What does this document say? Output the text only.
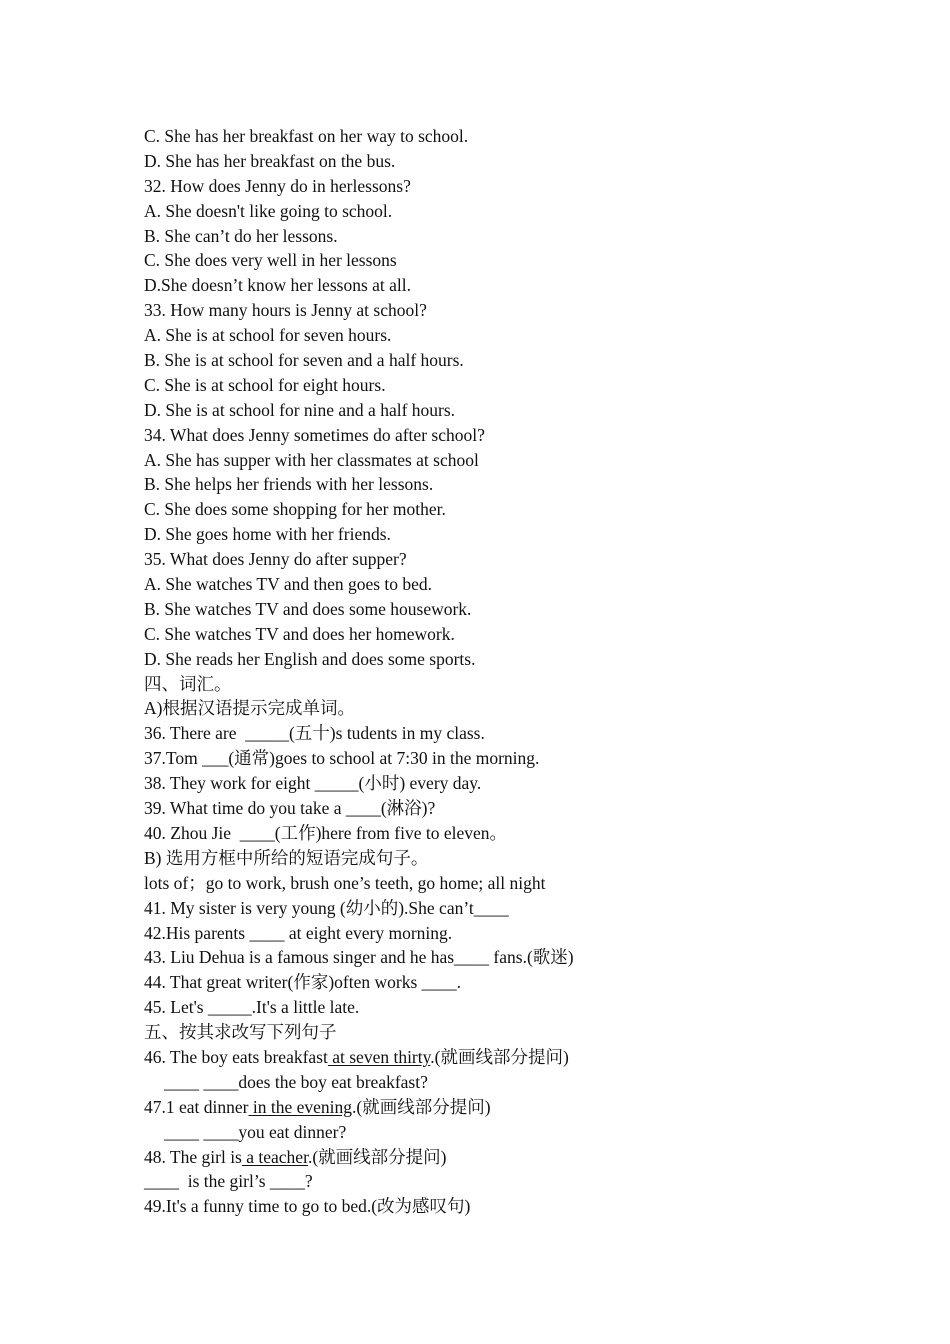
C. She has her breakfast on her way to school.
D. She has her breakfast on the bus.
32. How does Jenny do in herlessons?
A. She doesn't like going to school.
B. She can’t do her lessons.
C. She does very well in her lessons
D.She doesn’t know her lessons at all.
33. How many hours is Jenny at school?
A. She is at school for seven hours.
B. She is at school for seven and a half hours.
C. She is at school for eight hours.
D. She is at school for nine and a half hours.
34. What does Jenny sometimes do after school?
A. She has supper with her classmates at school
B. She helps her friends with her lessons.
C. She does some shopping for her mother.
D. She goes home with her friends.
35. What does Jenny do after supper?
A. She watches TV and then goes to bed.
B. She watches TV and does some housework.
C. She watches TV and does her homework.
D. She reads her English and does some sports.
四、词汇。
A)根据汉语提示完成单词。
36. There are  _____(五十)s tudents in my class.
37.Tom ___(通常)goes to school at 7:30 in the morning.
38. They work for eight _____(小时) every day.
39. What time do you take a ____(淋浴)?
40. Zhou Jie  ____(工作)here from five to eleven。
B) 选用方框中所给的短语完成句子。
lots of；go to work, brush one’s teeth, go home; all night
41. My sister is very young (幼小的).She can’t____
42.His parents ____ at eight every morning.
43. Liu Dehua is a famous singer and he has____ fans.(歌迷)
44. That great writer(作家)often works ____.
45. Let's _____.It's a little late.
五、按其求改写下列句子
46. The boy eats breakfast at seven thirty.(就画线部分提问)
____ ____does the boy eat breakfast?
47.1 eat dinner in the evening.(就画线部分提问)
____ ____you eat dinner?
48. The girl is a teacher.(就画线部分提问)
____  is the girl’s ____?
49.It's a funny time to go to bed.(改为感叹句)
